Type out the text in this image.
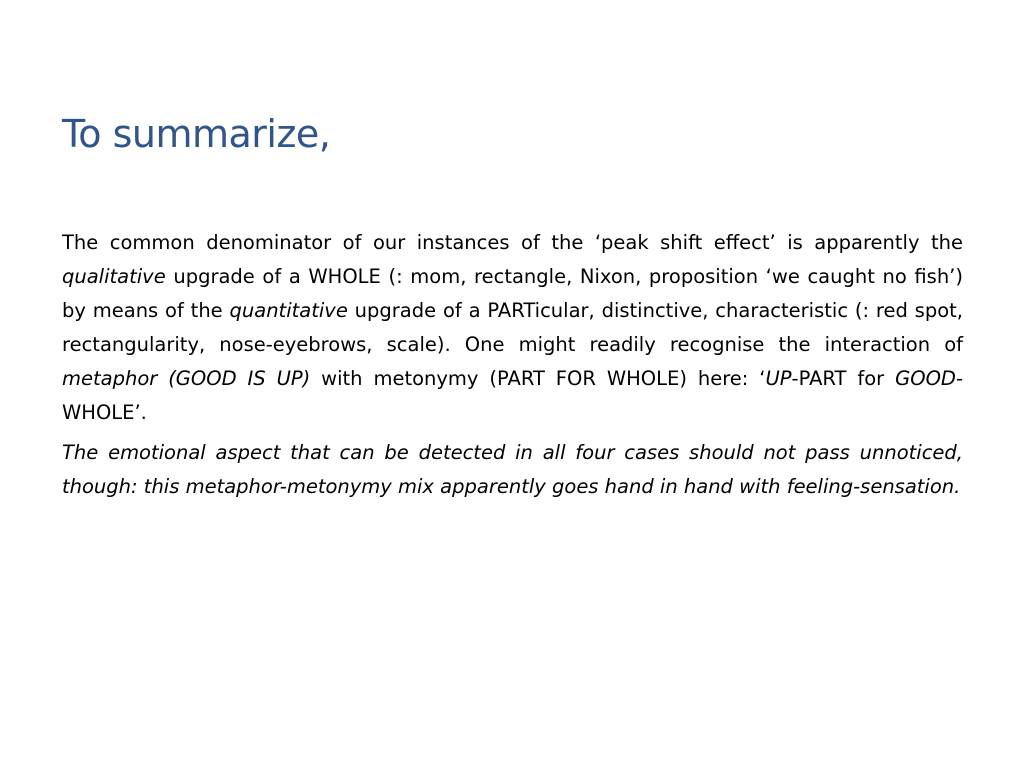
To summarize,

The common denominator of our instances of the ‘peak shift effect’ is apparently the qualitative upgrade of a WHOLE (: mom, rectangle, Nixon, proposition ‘we caught no fish’) by means of the quantitative upgrade of a PARTicular, distinctive, characteristic (: red spot, rectangularity, nose-eyebrows, scale). One might readily recognise the interaction of metaphor (GOOD IS UP) with metonymy (PART FOR WHOLE) here: ‘UP-PART for GOOD-WHOLE’.

The emotional aspect that can be detected in all four cases should not pass unnoticed, though: this metaphor-metonymy mix apparently goes hand in hand with feeling-sensation.
